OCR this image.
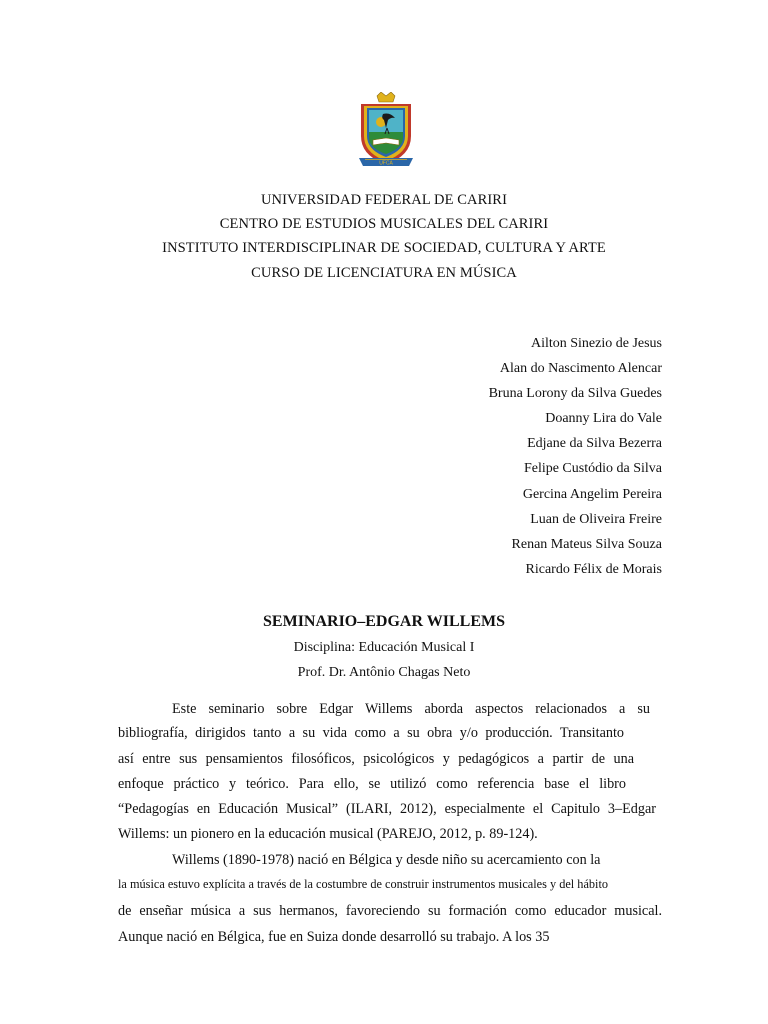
UFCA
UNIVERSIDAD FEDERAL DE CARIRI
CENTRO DE ESTUDIOS MUSICALES DEL CARIRI
INSTITUTO INTERDISCIPLINAR DE SOCIEDAD, CULTURA Y ARTE
CURSO DE LICENCIATURA EN MÚSICA
Ailton Sinezio de Jesus
Alan do Nascimento Alencar
Bruna Lorony da Silva Guedes
Doanny Lira do Vale
Edjane da Silva Bezerra
Felipe Custódio da Silva
Gercina Angelim Pereira
Luan de Oliveira Freire
Renan Mateus Silva Souza
Ricardo Félix de Morais
SEMINARIO–EDGAR WILLEMS
Disciplina: Educación Musical I
Prof. Dr. Antônio Chagas Neto
Este seminario sobre Edgar Willems aborda aspectos relacionados a su
bibliografía, dirigidos tanto a su vida como a su obra y/o producción. Transitanto
así entre sus pensamientos filosóficos, psicológicos y pedagógicos a partir de una
enfoque práctico y teórico. Para ello, se utilizó como referencia base el libro
“Pedagogías en Educación Musical” (ILARI, 2012), especialmente el Capitulo 3–Edgar
Willems: un pionero en la educación musical (PAREJO, 2012, p. 89-124).
Willems (1890-1978) nació en Bélgica y desde niño su acercamiento con la
la música estuvo explícita a través de la costumbre de construir instrumentos musicales y del hábito
de enseñar música a sus hermanos, favoreciendo su formación como educador musical.
Aunque nació en Bélgica, fue en Suiza donde desarrolló su trabajo. A los 35
